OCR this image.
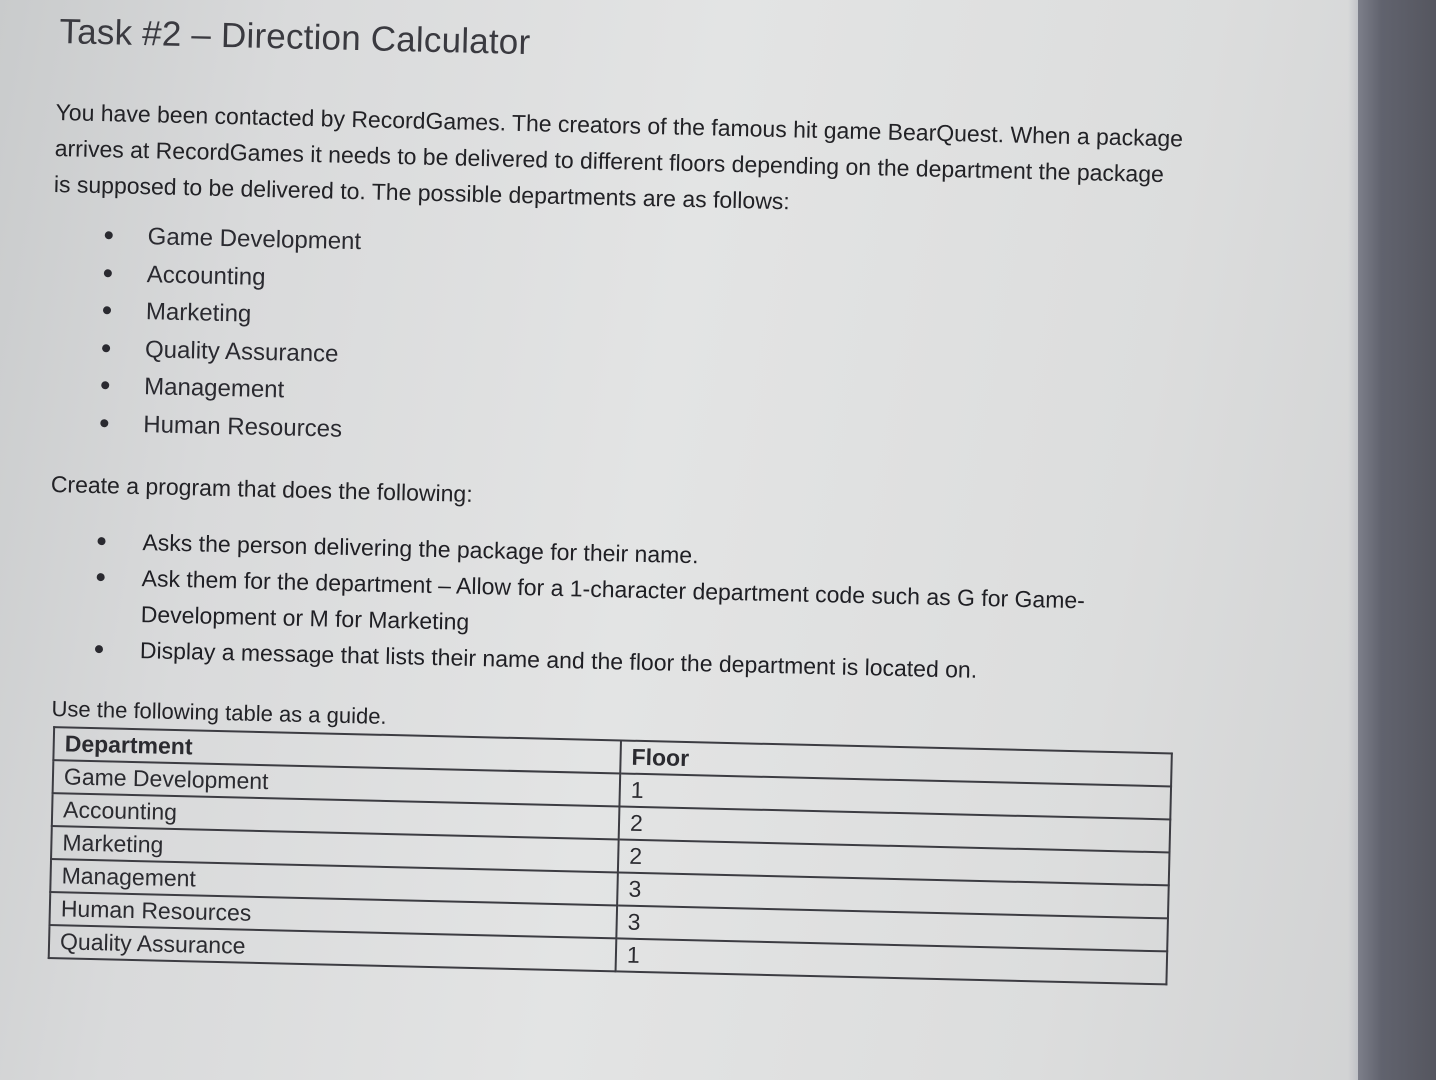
Task #2 – Direction Calculator

You have been contacted by RecordGames. The creators of the famous hit game BearQuest. When a package arrives at RecordGames it needs to be delivered to different floors depending on the department the package is supposed to be delivered to. The possible departments are as follows:

Game Development
Accounting
Marketing
Quality Assurance
Management
Human Resources
Create a program that does the following:
Asks the person delivering the package for their name.
Ask them for the department – Allow for a 1-character department code such as G for Game-Development or M for Marketing
Display a message that lists their name and the floor the department is located on.
Use the following table as a guide.
Department	Floor
Game Development	1
Accounting	2
Marketing	2
Management	3
Human Resources	3
Quality Assurance	1
